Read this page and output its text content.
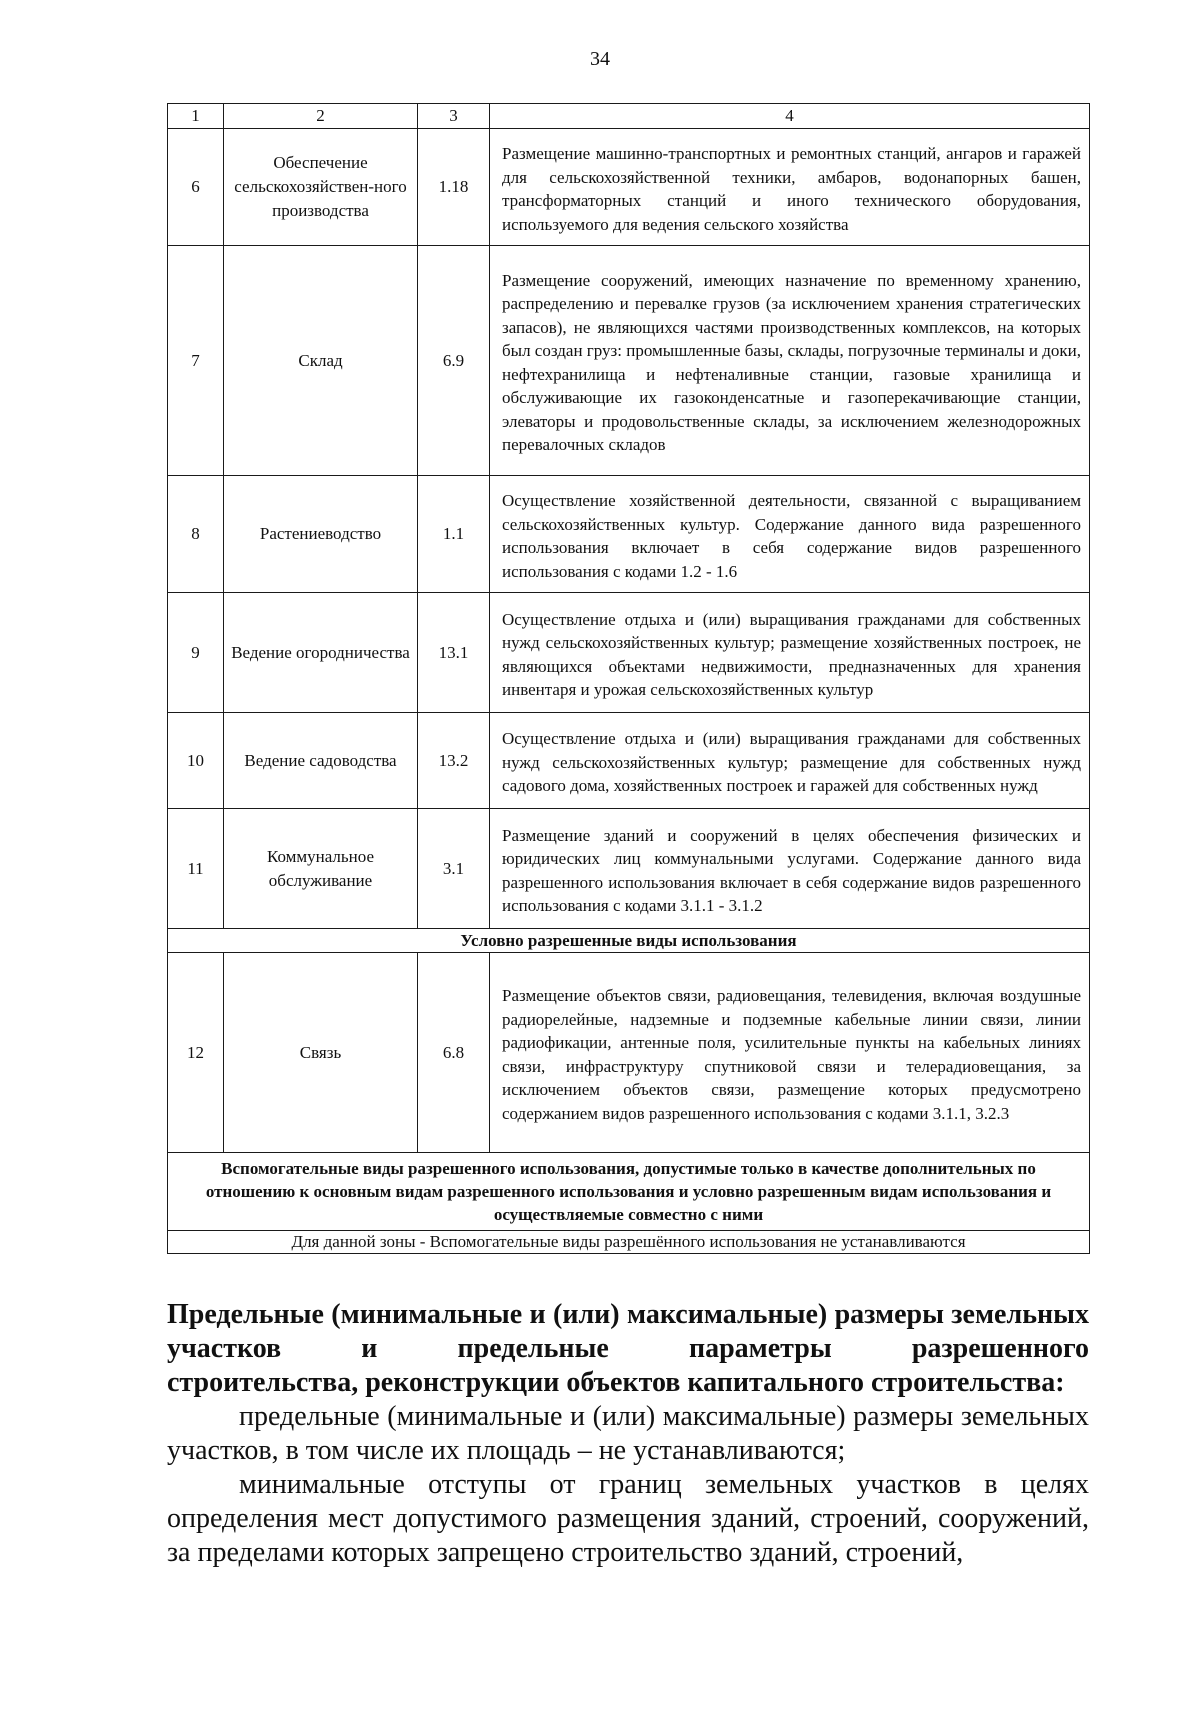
34
1	2	3	4
6	Обеспечение сельскохозяйствен-ного производства	1.18	Размещение машинно-транспортных и ремонтных станций, ангаров и гаражей для сельскохозяйственной техники, амбаров, водонапорных башен, трансформаторных станций и иного технического оборудования, используемого для ведения сельского хозяйства
7	Склад	6.9	Размещение сооружений, имеющих назначение по временному хранению, распределению и перевалке грузов (за исключением хранения стратегических запасов), не являющихся частями производственных комплексов, на которых был создан груз: промышленные базы, склады, погрузочные терминалы и доки, нефтехранилища и нефтеналивные станции, газовые хранилища и обслуживающие их газоконденсатные и газоперекачивающие станции, элеваторы и продовольственные склады, за исключением железнодорожных перевалочных складов
8	Растениеводство	1.1	Осуществление хозяйственной деятельности, связанной с выращиванием сельскохозяйственных культур. Содержание данного вида разрешенного использования включает в себя содержание видов разрешенного использования с кодами 1.2 - 1.6
9	Ведение огородничества	13.1	Осуществление отдыха и (или) выращивания гражданами для собственных нужд сельскохозяйственных культур; размещение хозяйственных построек, не являющихся объектами недвижимости, предназначенных для хранения инвентаря и урожая сельскохозяйственных культур
10	Ведение садоводства	13.2	Осуществление отдыха и (или) выращивания гражданами для собственных нужд сельскохозяйственных культур; размещение для собственных нужд садового дома, хозяйственных построек и гаражей для собственных нужд
11	Коммунальное обслуживание	3.1	Размещение зданий и сооружений в целях обеспечения физических и юридических лиц коммунальными услугами. Содержание данного вида разрешенного использования включает в себя содержание видов разрешенного использования с кодами 3.1.1 - 3.1.2
Условно разрешенные виды использования			
12	Связь	6.8	Размещение объектов связи, радиовещания, телевидения, включая воздушные радиорелейные, надземные и подземные кабельные линии связи, линии радиофикации, антенные поля, усилительные пункты на кабельных линиях связи, инфраструктуру спутниковой связи и телерадиовещания, за исключением объектов связи, размещение которых предусмотрено содержанием видов разрешенного использования с кодами 3.1.1, 3.2.3
Вспомогательные виды разрешенного использования, допустимые только в качестве дополнительных по отношению к основным видам разрешенного использования и условно разрешенным видам использования и осуществляемые совместно с ними			
Для данной зоны - Вспомогательные виды разрешённого использования не устанавливаются			
Предельные (минимальные и (или) максимальные) размеры земельных участков и предельные параметры разрешенного
строительства, реконструкции объектов капитального строительства:

предельные (минимальные и (или) максимальные) размеры земельных участков, в том числе их площадь – не устанавливаются;

минимальные отступы от границ земельных участков в целях определения мест допустимого размещения зданий, строений, сооружений, за пределами которых запрещено строительство зданий, строений,
